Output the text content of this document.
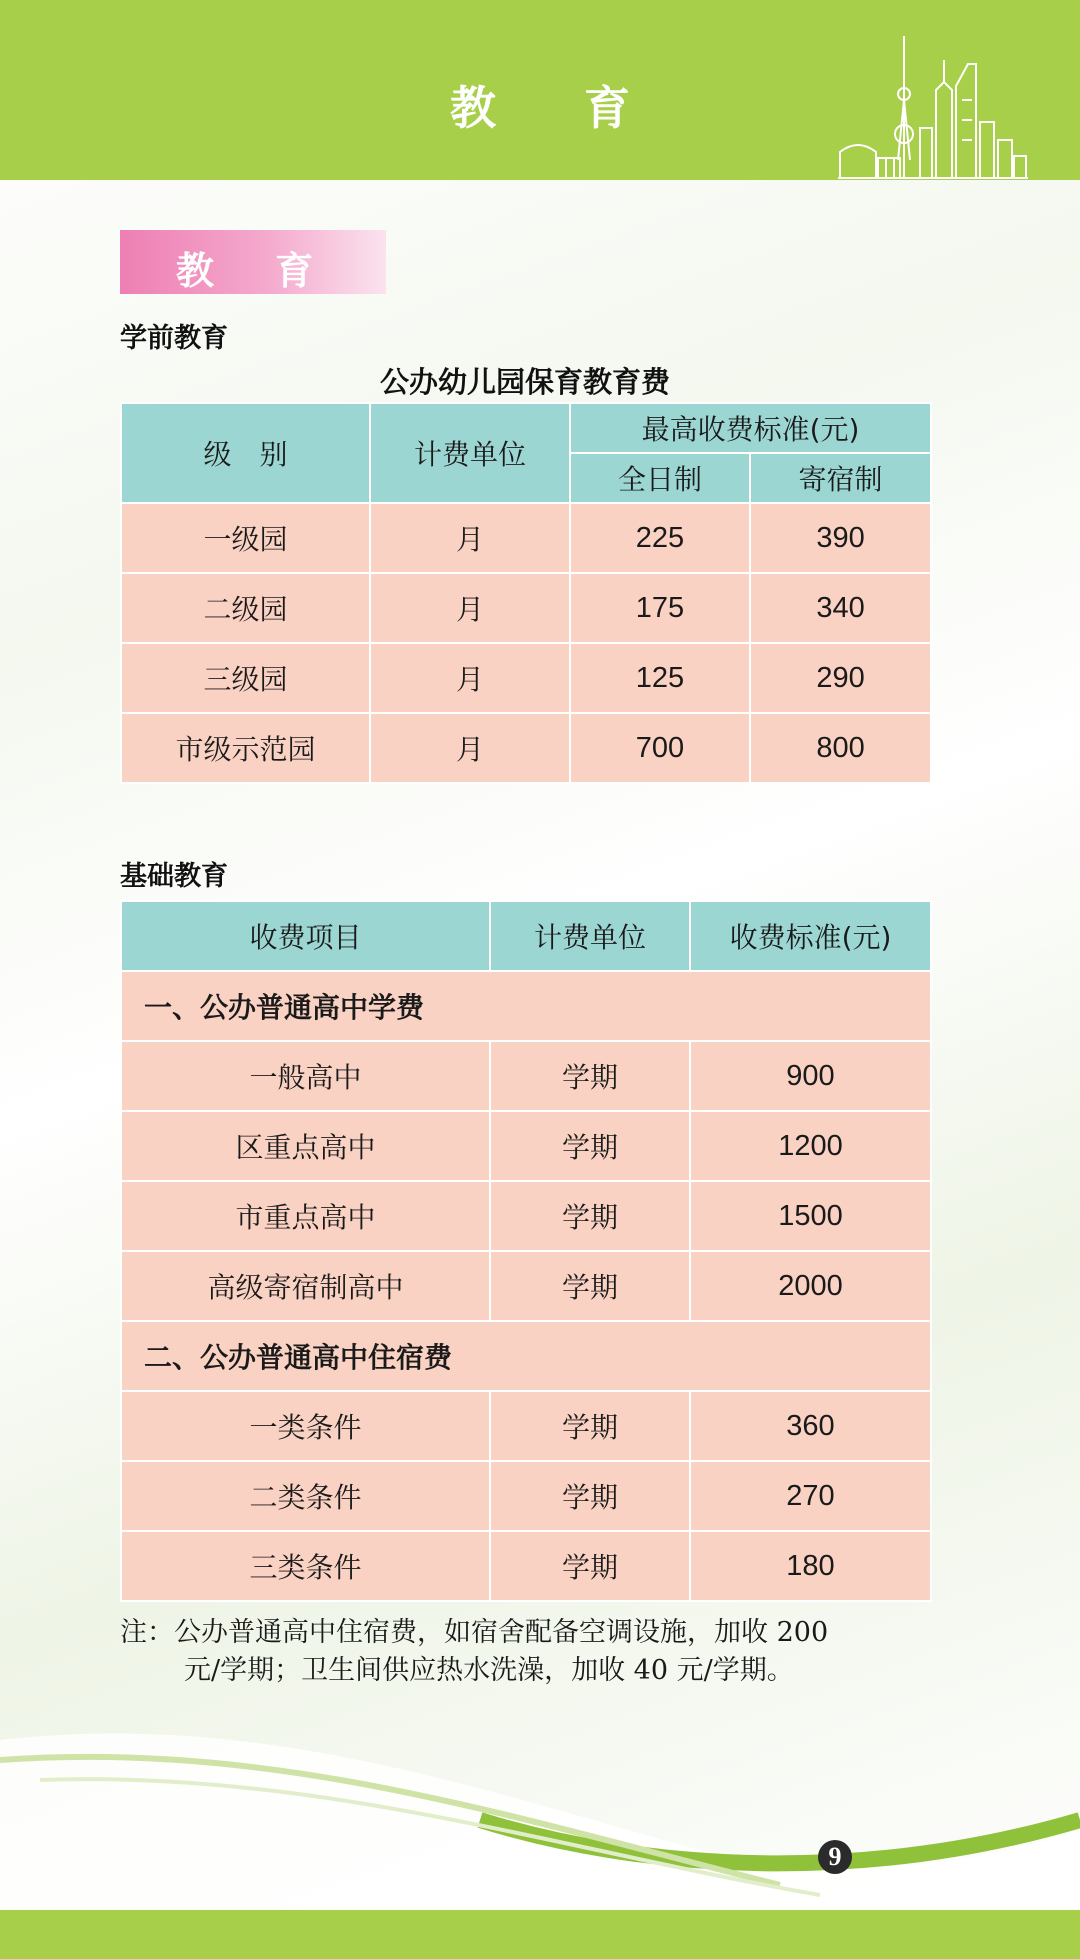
教 育
教 育
学前教育
公办幼儿园保育教育费
级　别	计费单位	最高收费标准(元)	
		全日制	寄宿制
一级园	月	225	390
二级园	月	175	340
三级园	月	125	290
市级示范园	月	700	800
基础教育
收费项目	计费单位	收费标准(元)
一、公办普通高中学费		
一般高中	学期	900
区重点高中	学期	1200
市重点高中	学期	1500
高级寄宿制高中	学期	2000
二、公办普通高中住宿费		
一类条件	学期	360
二类条件	学期	270
三类条件	学期	180
注：公办普通高中住宿费，如宿舍配备空调设施，加收 200
元/学期；卫生间供应热水洗澡，加收 40 元/学期。
9
